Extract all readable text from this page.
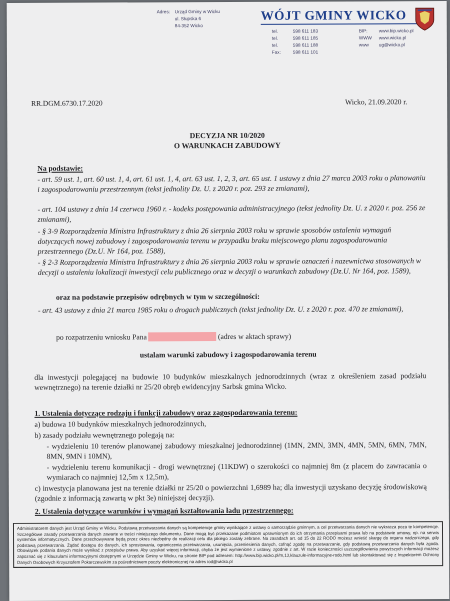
WÓJT GMINY WICKO
Adres: Urząd Gminy w Wicku
ul. Słupska 6
84-352 Wicko
tel.
tel.
tel.
Fax:
598 611 183
598 611 185
598 611 188
598 611 101
BIP:
WWW
www
www.bip.wicko.pl
www.wicko.pl
ug@wicko.pl
RR.DGM.6730.17.2020	Wicko, 21.09.2020 r.
DECYZJA NR 10/2020
O WARUNKACH ZABUDOWY
Na podstawie:
- art. 59 ust. 1, art. 60 ust. 1, 4, art. 61 ust. 1, 4, art. 63 ust. 1, 2, 3, art. 65 ust. 1 ustawy z dnia 27 marca 2003 roku o planowaniu i zagospodarowaniu przestrzennym (tekst jednolity Dz. U. z 2020 r. poz. 293 ze zmianami),
- art. 104 ustawy z dnia 14 czerwca 1960 r. - kodeks postępowania administracyjnego (tekst jednolity Dz. U. z 2020 r. poz. 256 ze zmianami),
- § 3-9 Rozporządzenia Ministra Infrastruktury z dnia 26 sierpnia 2003 roku w sprawie sposobów ustalenia wymagań dotyczących nowej zabudowy i zagospodarowania terenu w przypadku braku miejscowego planu zagospodarowania przestrzennego (Dz.U. Nr 164, poz. 1588),
- § 2-3 Rozporządzenia Ministra Infrastruktury z dnia 26 sierpnia 2003 roku w sprawie oznaczeń i nazewnictwa stosowanych w decyzji o ustaleniu lokalizacji inwestycji celu publicznego oraz w decyzji o warunkach zabudowy (Dz.U. Nr 164, poz. 1589),
oraz na podstawie przepisów odrębnych w tym w szczególności:
- art. 43 ustawy z dnia 21 marca 1985 roku o drogach publicznych (tekst jednolity Dz. U. z 2020 r. poz. 470 ze zmianami),
po rozpatrzeniu wniosku Pana	(adres w aktach sprawy)
ustalam warunki zabudowy i zagospodarowania terenu
dla inwestycji polegającej na budowie 10 budynków mieszkalnych jednorodzinnych (wraz z określeniem zasad podziału wewnętrznego) na terenie działki nr 25/20 obręb ewidencyjny Sarbsk gmina Wicko.
1. Ustalenia dotyczące rodzaju i funkcji zabudowy oraz zagospodarowania terenu:
a) budowa 10 budynków mieszkalnych jednorodzinnych,
b) zasady podziału wewnętrznego polegają na:
- wydzieleniu 10 terenów planowanej zabudowy mieszkalnej jednorodzinnej (1MN, 2MN, 3MN, 4MN, 5MN, 6MN, 7MN, 8MN, 9MN i 10MN),
- wydzieleniu terenu komunikacji - drogi wewnętrznej (11KDW) o szerokości co najmniej 8m (z placem do zawracania o wymiarach co najmniej 12,5m x 12,5m),
c) inwestycja planowana jest na terenie działki nr 25/20 o powierzchni 1,6989 ha; dla inwestycji uzyskano decyzję środowiskową (zgodnie z informacją zawartą w pkt 3e) niniejszej decyzji).
2. Ustalenia dotyczące warunków i wymagań kształtowania ładu przestrzennego:
Administratorem danych jest Urząd Gminy w Wicku. Podstawą przetwarzania danych są kompetencje gminy wynikające z ustawy o samorządzie gminnym, a cel przetwarzania danych nie wykracza poza te kompetencje. Szczegółowe zasady przetwarzania danych zawarte w treści niniejszego dokumentu. Dane mogą być przekazane podmiotom uprawnionym do ich otrzymania przepisami prawa lub na podstawie umowy, np. na serwis systemów informatycznych. Dane przechowywane będą przez okres niezbędny do realizacji celu dla jakiego zostały zebrane. Na zasadach art. od 15 do 22 RODO możesz wnieść skargę do organu nadzorczego, gdy podstawą przetwarzania. Żądać dostępu do danych, ich sprostowania, ograniczenia przetwarzania, usunięcia, przeniesienia danych, cofnąć zgodę na przetwarzanie, gdy podstawą przetwarzania danych była zgoda. Obowiązek podania danych może wynikać z przepisów prawa. Aby uzyskać więcej informacji, chyba że jest wymienione z ustawy, zgodnie z art. W razie konieczności uszczegółowienia powyższych informacji możesz zapoznać się z klauzulami informacyjnymi dostępnymi w Urzędzie Gminy w Wicku, na stronie BIP pod adresem: http://www.bip.wicko.pl/m,13,klauzule-informacyjne-rodo.html lub skontaktować się z Inspektorem Ochrony Danych Osobowych Krzysztofem Pokarczewskim za pośrednictwem poczty elektronicznej na adres iod@wicko.pl
